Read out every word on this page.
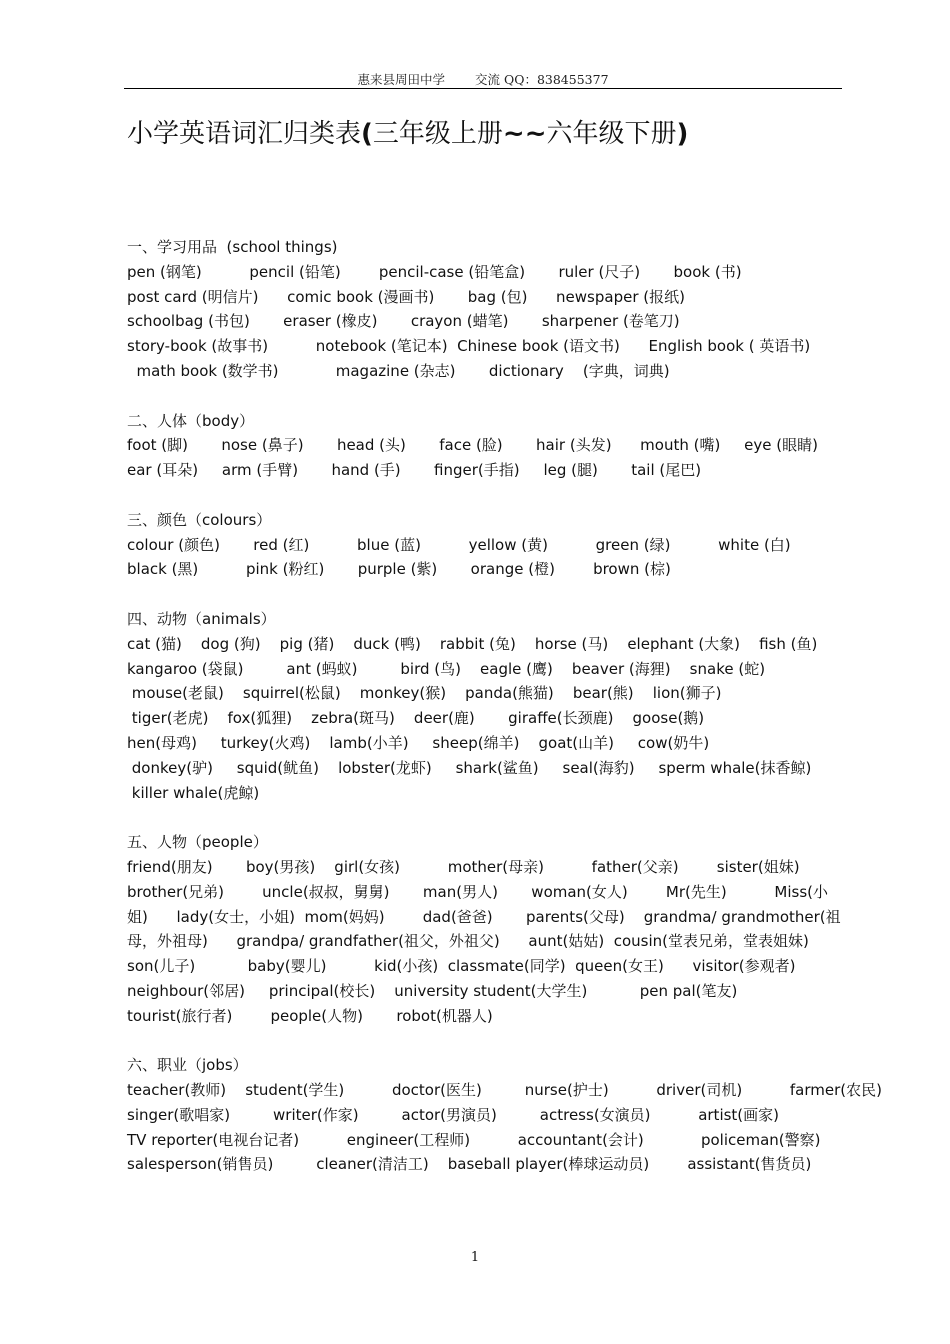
惠来县周田中学 交流 QQ：838455377
小学英语词汇归类表(三年级上册~~六年级下册)
一、学习用品  (school things)
pen (钢笔)          pencil (铅笔)        pencil-case (铅笔盒)       ruler (尺子)       book (书)
post card (明信片)      comic book (漫画书)       bag (包)      newspaper (报纸)
schoolbag (书包)       eraser (橡皮)       crayon (蜡笔)       sharpener (卷笔刀)
story-book (故事书)          notebook (笔记本)  Chinese book (语文书)      English book ( 英语书)
math book (数学书)            magazine (杂志)       dictionary    (字典，词典)
二、人体（body）
foot (脚)       nose (鼻子)       head (头)       face (脸)       hair (头发)      mouth (嘴)     eye (眼睛)
ear (耳朵)     arm (手臂)       hand (手)       finger(手指)     leg (腿)       tail (尾巴)
三、颜色（colours）
colour (颜色)       red (红)          blue (蓝)          yellow (黄)          green (绿)          white (白)
black (黑)          pink (粉红)       purple (紫)       orange (橙)        brown (棕)
四、动物（animals）
cat (猫)    dog (狗)    pig (猪)    duck (鸭)    rabbit (兔)    horse (马)    elephant (大象)    fish (鱼)
kangaroo (袋鼠)         ant (蚂蚁)         bird (鸟)    eagle (鹰)    beaver (海狸)    snake (蛇)
mouse(老鼠)    squirrel(松鼠)    monkey(猴)    panda(熊猫)    bear(熊)    lion(狮子)
tiger(老虎)    fox(狐狸)    zebra(斑马)    deer(鹿)       giraffe(长颈鹿)    goose(鹅)
hen(母鸡)     turkey(火鸡)    lamb(小羊)     sheep(绵羊)    goat(山羊)     cow(奶牛)
donkey(驴)     squid(鱿鱼)    lobster(龙虾)     shark(鲨鱼)     seal(海豹)     sperm whale(抹香鲸)
killer whale(虎鲸)
五、人物（people）
friend(朋友)       boy(男孩)    girl(女孩)          mother(母亲)          father(父亲)        sister(姐妹)
brother(兄弟)        uncle(叔叔，舅舅)       man(男人)       woman(女人)        Mr(先生)          Miss(小
姐)      lady(女士，小姐)  mom(妈妈)        dad(爸爸)       parents(父母)    grandma/ grandmother(祖
母，外祖母)      grandpa/ grandfather(祖父，外祖父)      aunt(姑姑)  cousin(堂表兄弟，堂表姐妹)
son(儿子)           baby(婴儿)          kid(小孩)  classmate(同学)  queen(女王)      visitor(参观者)
neighbour(邻居)     principal(校长)    university student(大学生)           pen pal(笔友)
tourist(旅行者)        people(人物)       robot(机器人)
六、职业（jobs）
teacher(教师)    student(学生)          doctor(医生)         nurse(护士)          driver(司机)          farmer(农民)
singer(歌唱家)         writer(作家)         actor(男演员)         actress(女演员)          artist(画家)
TV reporter(电视台记者)          engineer(工程师)          accountant(会计)            policeman(警察)
salesperson(销售员)         cleaner(清洁工)    baseball player(棒球运动员)        assistant(售货员)
1
